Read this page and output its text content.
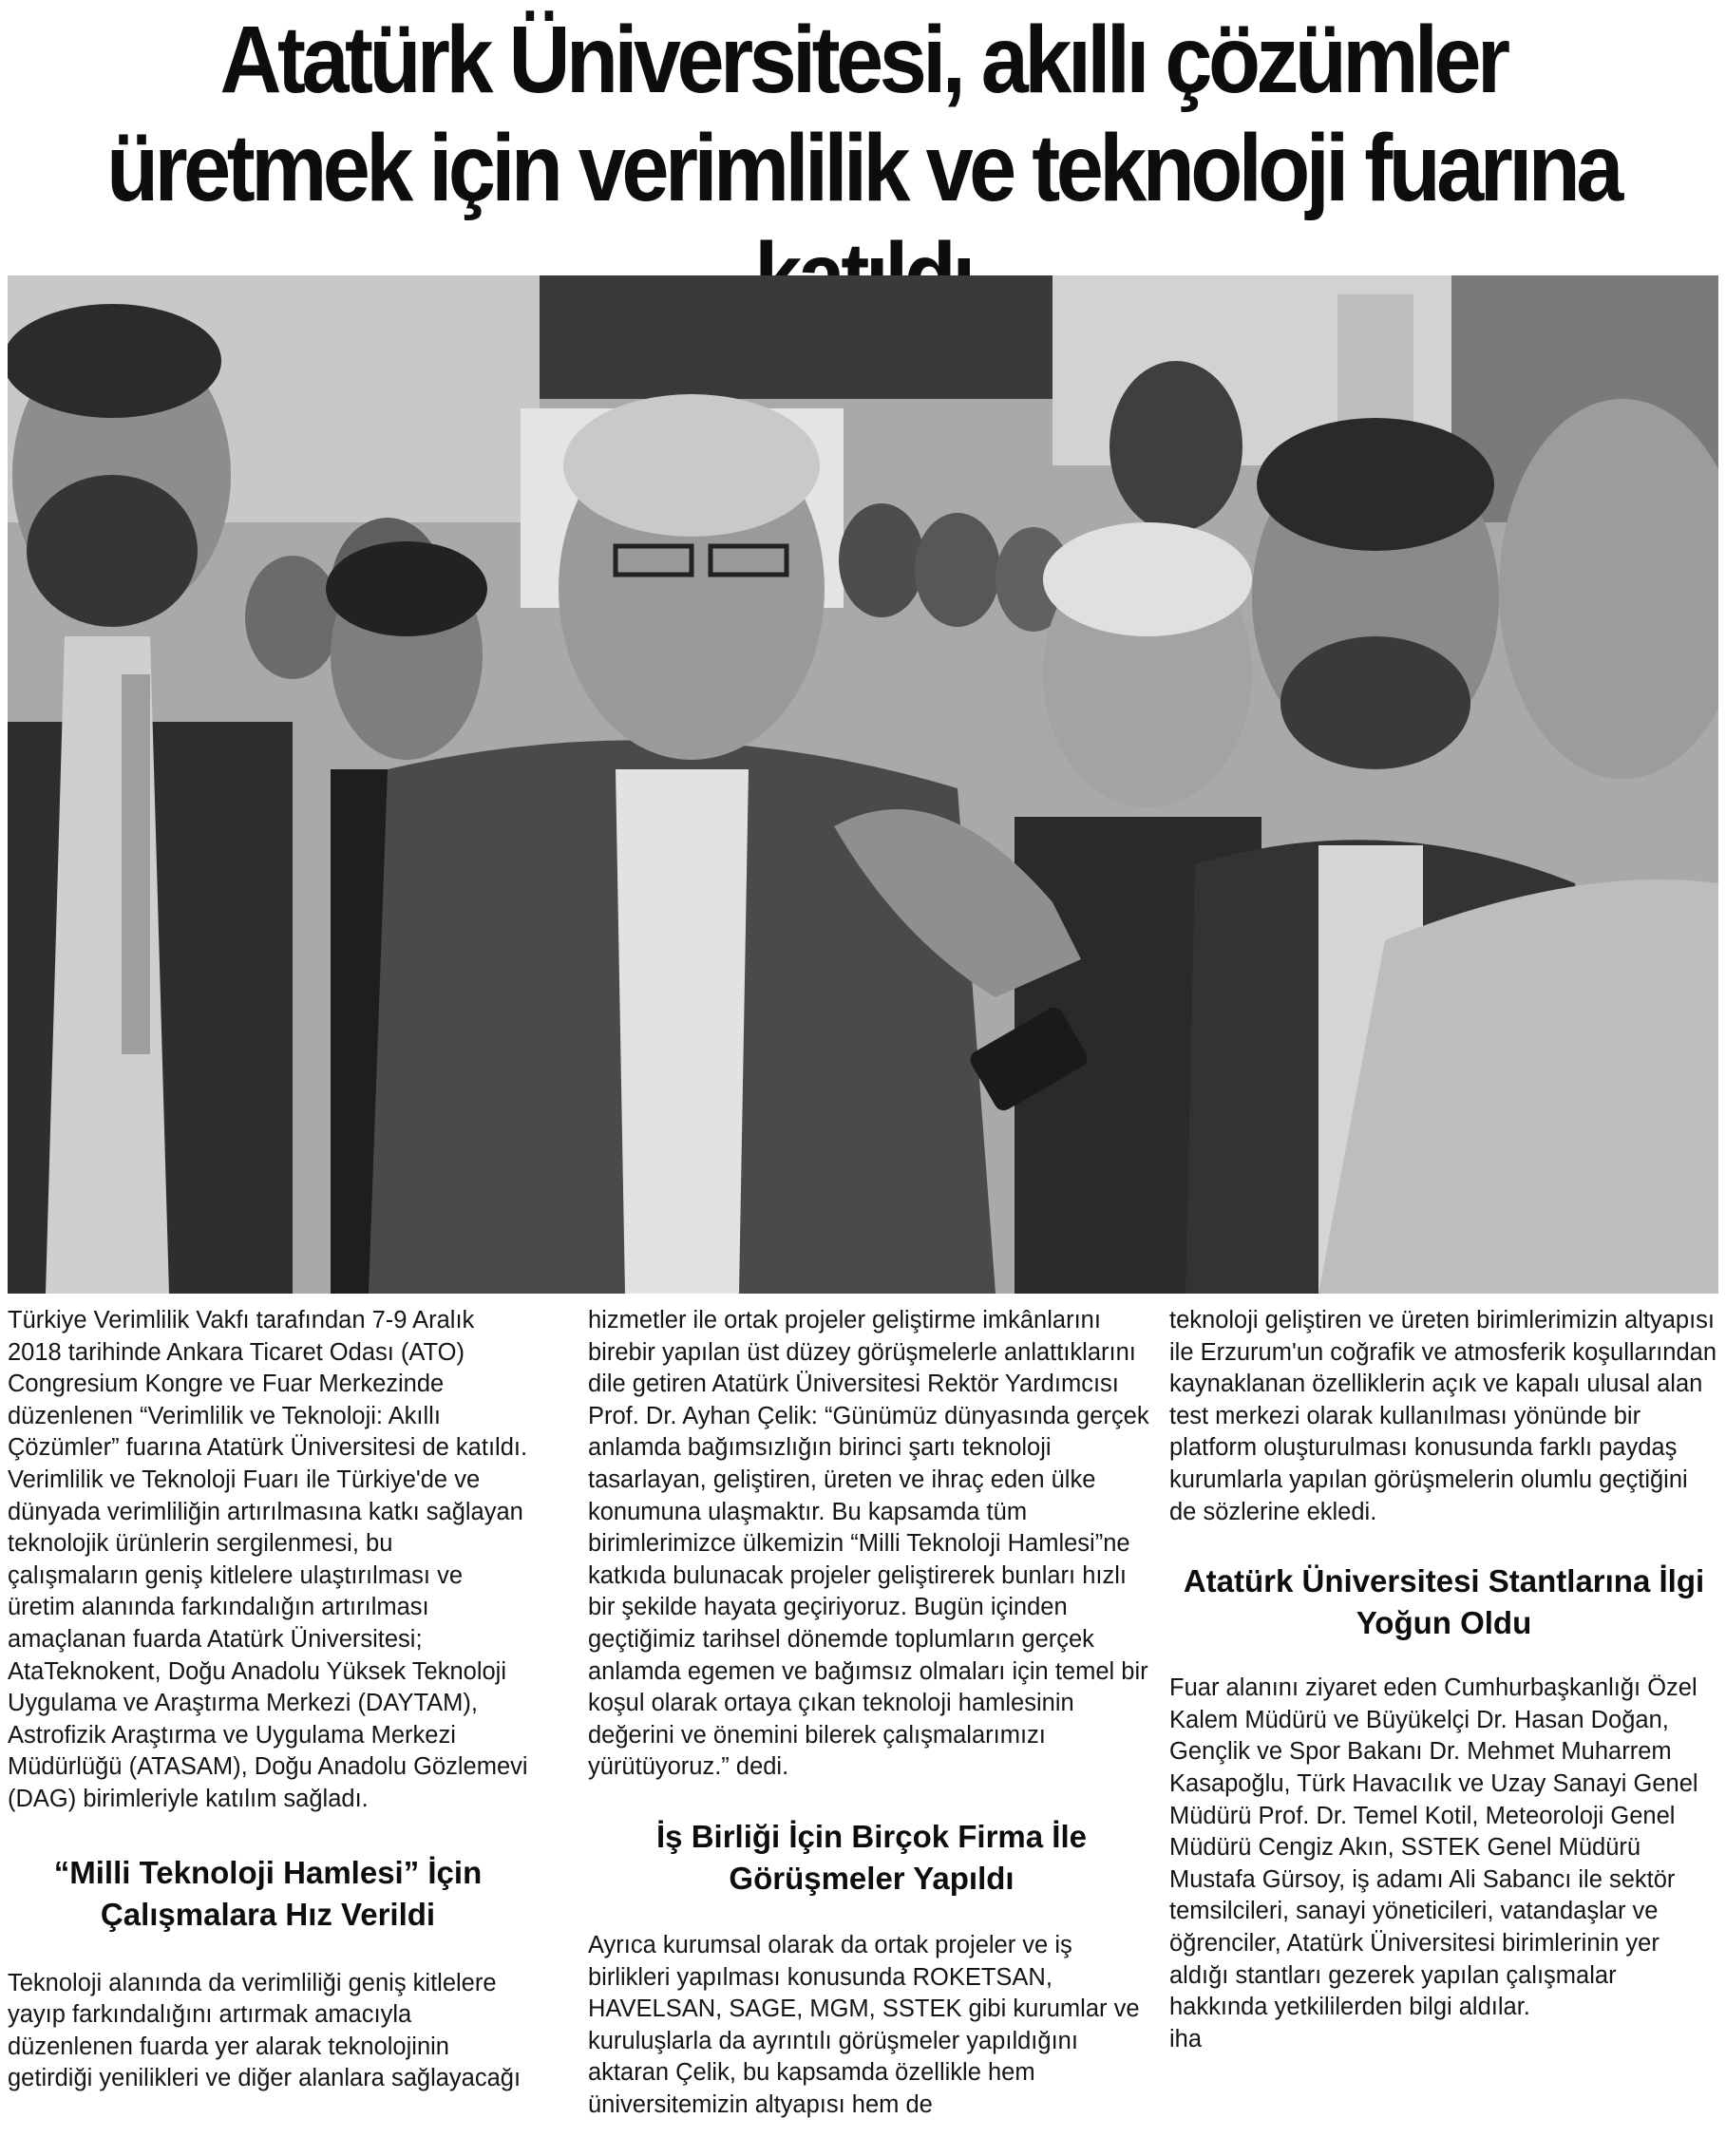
Atatürk Üniversitesi, akıllı çözümler üretmek için verimlilik ve teknoloji fuarına

Türkiye Verimlilik Vakfı tarafından 7-9 Aralık 2018 tarihinde Ankara Ticaret Odası (ATO) Congresium Kongre ve Fuar Merkezinde düzenlenen “Verimlilik ve Teknoloji: Akıllı Çözümler” fuarına Atatürk Üniversitesi de katıldı.

Verimlilik ve Teknoloji Fuarı ile Türkiye'de ve dünyada verimliliğin artırılmasına katkı sağlayan teknolojik ürünlerin sergilenmesi, bu çalışmaların geniş kitlelere ulaştırılması ve üretim alanında farkındalığın artırılması amaçlanan fuarda Atatürk Üniversitesi; AtaTeknokent, Doğu Anadolu Yüksek Teknoloji Uygulama ve Araştırma Merkezi (DAYTAM), Astrofizik Araştırma ve Uygulama Merkezi Müdürlüğü (ATASAM), Doğu Anadolu Gözlemevi (DAG) birimleriyle katılım sağladı.

“Milli Teknoloji Hamlesi” İçin Çalışmalara Hız Verildi

Teknoloji alanında da verimliliği geniş kitlelere yayıp farkındalığını artırmak amacıyla düzenlenen fuarda yer alarak teknolojinin getirdiği yenilikleri ve diğer alanlara sağlayacağı

hizmetler ile ortak projeler geliştirme imkânlarını birebir yapılan üst düzey görüşmelerle anlattıklarını dile getiren Atatürk Üniversitesi Rektör Yardımcısı Prof. Dr. Ayhan Çelik: “Günümüz dünyasında gerçek anlamda bağımsızlığın birinci şartı teknoloji tasarlayan, geliştiren, üreten ve ihraç eden ülke konumuna ulaşmaktır. Bu kapsamda tüm birimlerimizce ülkemizin “Milli Teknoloji Hamlesi”ne katkıda bulunacak projeler geliştirerek bunları hızlı bir şekilde hayata geçiriyoruz. Bugün içinden geçtiğimiz tarihsel dönemde toplumların gerçek anlamda egemen ve bağımsız olmaları için temel bir koşul olarak ortaya çıkan teknoloji hamlesinin değerini ve önemini bilerek çalışmalarımızı yürütüyoruz.” dedi.

İş Birliği İçin Birçok Firma İle Görüşmeler Yapıldı

Ayrıca kurumsal olarak da ortak projeler ve iş birlikleri yapılması konusunda ROKETSAN, HAVELSAN, SAGE, MGM, SSTEK gibi kurumlar ve kuruluşlarla da ayrıntılı görüşmeler yapıldığını aktaran Çelik, bu kapsamda özellikle hem üniversitemizin altyapısı hem de

teknoloji geliştiren ve üreten birimlerimizin altyapısı ile Erzurum'un coğrafik ve atmosferik koşullarından kaynaklanan özelliklerin açık ve kapalı ulusal alan test merkezi olarak kullanılması yönünde bir platform oluşturulması konusunda farklı paydaş kurumlarla yapılan görüşmelerin olumlu geçtiğini de sözlerine ekledi.

Atatürk Üniversitesi Stantlarına İlgi Yoğun Oldu

Fuar alanını ziyaret eden Cumhurbaşkanlığı Özel Kalem Müdürü ve Büyükelçi Dr. Hasan Doğan, Gençlik ve Spor Bakanı Dr. Mehmet Muharrem Kasapoğlu, Türk Havacılık ve Uzay Sanayi Genel Müdürü Prof. Dr. Temel Kotil, Meteoroloji Genel Müdürü Cengiz Akın, SSTEK Genel Müdürü Mustafa Gürsoy, iş adamı Ali Sabancı ile sektör temsilcileri, sanayi yöneticileri, vatandaşlar ve öğrenciler, Atatürk Üniversitesi birimlerinin yer aldığı stantları gezerek yapılan çalışmalar hakkında yetkililerden bilgi aldılar.

iha
